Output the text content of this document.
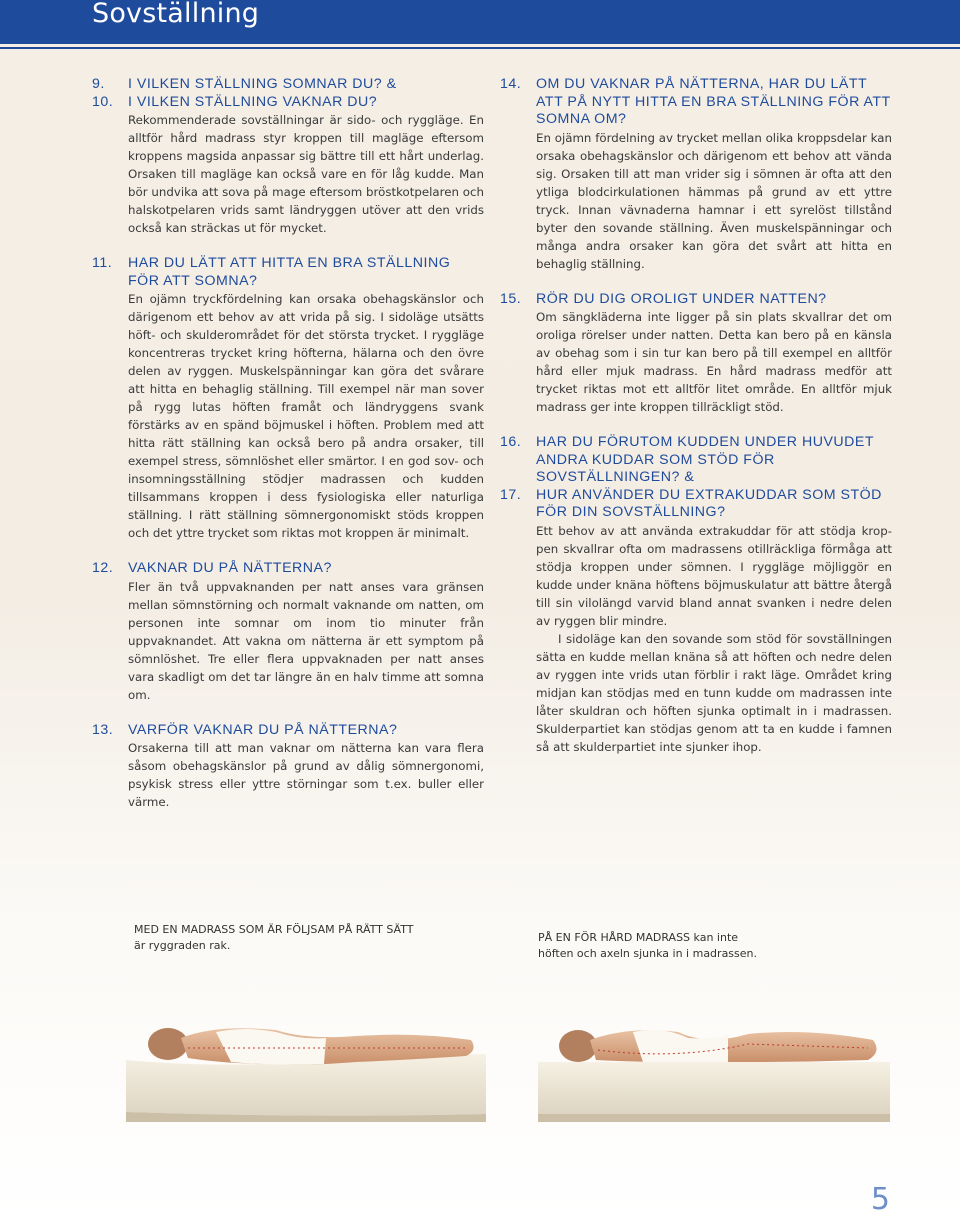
Sovställning
9.	I VILKEN STÄLLNING SOMNAR DU? &
10.	I VILKEN STÄLLNING VAKNAR DU?

Rekommenderade sovställningar är sido- och ryggläge. En alltför hård madrass styr kroppen till magläge eftersom kroppens magsida anpassar sig bättre till ett hårt underlag. Orsaken till magläge kan också vare en för låg kudde. Man bör undvika att sova på mage eftersom bröstkotpelaren och halskotpelaren vrids samt ländryggen utöver att den vrids också kan sträckas ut för mycket.

11.	HAR DU LÄTT ATT HITTA EN BRA STÄLLNING FÖR ATT SOMNA?

En ojämn tryckfördelning kan orsaka obehagskänslor och därigenom ett behov av att vrida på sig. I sidoläge utsätts höft- och skulderområdet för det största trycket. I ryggläge koncentreras trycket kring höfterna, hälarna och den övre delen av ryggen. Muskelspänningar kan göra det svårare att hitta en behaglig ställning. Till exempel när man sover på rygg lutas höften framåt och ländryggens svank förstärks av en spänd böjmuskel i höften. Problem med att hitta rätt ställning kan också bero på andra orsaker, till exempel stress, sömnlöshet eller smärtor. I en god sov- och insomningsställning stödjer madrassen och kudden tillsammans kroppen i dess fysiologiska eller naturliga ställning. I rätt ställning sömnergonomiskt stöds kroppen och det yttre trycket som riktas mot kroppen är minimalt.

12.	VAKNAR DU PÅ NÄTTERNA?

Fler än två uppvaknanden per natt anses vara gränsen mellan sömnstörning och normalt vaknande om natten, om personen inte somnar om inom tio minuter från uppvaknandet. Att vakna om nätterna är ett symptom på sömnlöshet. Tre eller flera uppvaknaden per natt anses vara skadligt om det tar längre än en halv timme att somna om.

13.	VARFÖR VAKNAR DU PÅ NÄTTERNA?

Orsakerna till att man vaknar om nätterna kan vara flera såsom obehagskänslor på grund av dålig sömnergonomi, psykisk stress eller yttre störningar som t.ex. buller eller värme.

14.	OM DU VAKNAR PÅ NÄTTERNA, HAR DU LÄTT ATT PÅ NYTT HITTA EN BRA STÄLLNING FÖR ATT SOMNA OM?

En ojämn fördelning av trycket mellan olika kroppsdelar kan orsaka obehagskänslor och därigenom ett behov att vända sig. Orsaken till att man vrider sig i sömnen är ofta att den ytliga blodcirkulationen hämmas på grund av ett yttre tryck. Innan vävnaderna hamnar i ett syrelöst tillstånd byter den sovande ställning. Även muskelspänningar och många andra orsaker kan göra det svårt att hitta en behaglig ställning.

15.	RÖR DU DIG OROLIGT UNDER NATTEN?

Om sängkläderna inte ligger på sin plats skvallrar det om oroliga rörelser under natten. Detta kan bero på en känsla av obehag som i sin tur kan bero på till exempel en alltför hård eller mjuk madrass. En hård madrass medför att trycket riktas mot ett alltför litet område. En alltför mjuk madrass ger inte kroppen tillräckligt stöd.

16.	HAR DU FÖRUTOM KUDDEN UNDER HUVUDET ANDRA KUDDAR SOM STÖD FÖR SOVSTÄLLNINGEN? &
17.	HUR ANVÄNDER DU EXTRAKUDDAR SOM STÖD FÖR DIN SOVSTÄLLNING?

Ett behov av att använda extrakuddar för att stödja kroppen skvallrar ofta om madrassens otillräckliga förmåga att stödja kroppen under sömnen. I ryggläge möjliggör en kudde under knäna höftens böjmuskulatur att bättre återgå till sin vilolängd varvid bland annat svanken i nedre delen av ryggen blir mindre.

I sidoläge kan den sovande som stöd för sovställningen sätta en kudde mellan knäna så att höften och nedre delen av ryggen inte vrids utan förblir i rakt läge. Området kring midjan kan stödjas med en tunn kudde om madrassen inte låter skuldran och höften sjunka optimalt in i madrassen. Skulderpartiet kan stödjas genom att ta en kudde i famnen så att skulderpartiet inte sjunker ihop.

MED EN MADRASS SOM ÄR FÖLJSAM PÅ RÄTT SÄTT
är ryggraden rak.
PÅ EN FÖR HÅRD MADRASS kan inte
höften och axeln sjunka in i madrassen.
5
